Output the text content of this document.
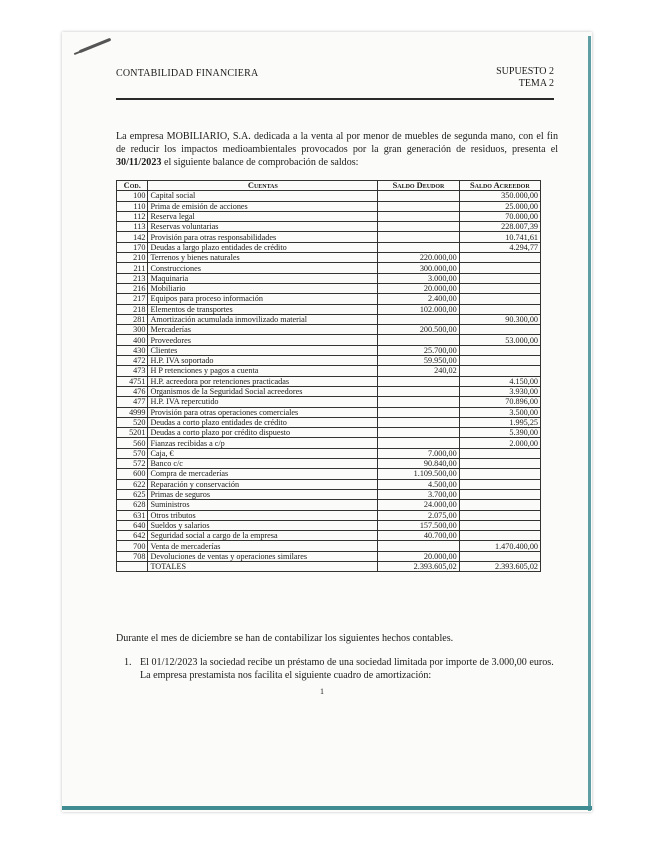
CONTABILIDAD FINANCIERA	SUPUESTO 2
TEMA 2
La empresa MOBILIARIO, S.A. dedicada a la venta al por menor de muebles de segunda mano, con el fin de reducir los impactos medioambientales provocados por la gran generación de residuos, presenta el 30/11/2023 el siguiente balance de comprobación de saldos:
Cod.	Cuentas	Saldo Deudor	Saldo Acreedor
100	Capital social		350.000,00
110	Prima de emisión de acciones		25.000,00
112	Reserva legal		70.000,00
113	Reservas voluntarias		228.007,39
142	Provisión para otras responsabilidades		10.741,61
170	Deudas a largo plazo entidades de crédito		4.294,77
210	Terrenos y bienes naturales	220.000,00	
211	Construcciones	300.000,00	
213	Maquinaria	3.000,00	
216	Mobiliario	20.000,00	
217	Equipos para proceso información	2.400,00	
218	Elementos de transportes	102.000,00	
281	Amortización acumulada inmovilizado material		90.300,00
300	Mercaderías	200.500,00	
400	Proveedores		53.000,00
430	Clientes	25.700,00	
472	H.P. IVA soportado	59.950,00	
473	H P retenciones y pagos a cuenta	240,02	
4751	H.P. acreedora por retenciones practicadas		4.150,00
476	Organismos de la Seguridad Social acreedores		3.930,00
477	H.P. IVA repercutido		70.896,00
4999	Provisión para otras operaciones comerciales		3.500,00
520	Deudas a corto plazo entidades de crédito		1.995,25
5201	Deudas a corto plazo por crédito dispuesto		5.390,00
560	Fianzas recibidas a c/p		2.000,00
570	Caja, €	7.000,00	
572	Banco c/c	90.840,00	
600	Compra de mercaderías	1.109.500,00	
622	Reparación y conservación	4.500,00	
625	Primas de seguros	3.700,00	
628	Suministros	24.000,00	
631	Otros tributos	2.075,00	
640	Sueldos y salarios	157.500,00	
642	Seguridad social a cargo de la empresa	40.700,00	
700	Venta de mercaderías		1.470.400,00
708	Devoluciones de ventas y operaciones similares	20.000,00	
	TOTALES	2.393.605,02	2.393.605,02
Durante el mes de diciembre se han de contabilizar los siguientes hechos contables.
1. El 01/12/2023 la sociedad recibe un préstamo de una sociedad limitada por importe de 3.000,00 euros. La empresa prestamista nos facilita el siguiente cuadro de amortización:
1
